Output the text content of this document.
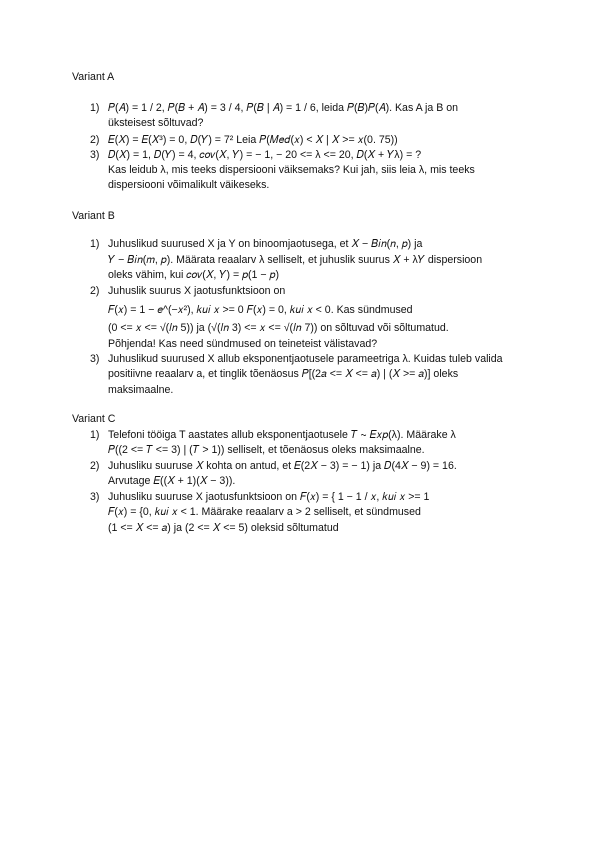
Variant A
1) 𝑃(𝐴) = 1 / 2, 𝑃(𝐵 + 𝐴) = 3 / 4, 𝑃(𝐵 | 𝐴) = 1 / 6, leida 𝑃(𝐵)𝑃(𝐴). Kas A ja B on
üksteisest sõltuvad?
2) 𝐸(𝑋) = 𝐸(𝑋³) = 0, 𝐷(𝑌) = 7² Leia 𝑃(𝑀𝑒𝑑(𝑥) < 𝑋 | 𝑋 >= 𝑥(0. 75))
3) 𝐷(𝑋) = 1, 𝐷(𝑌) = 4, 𝑐𝑜𝑣(𝑋, 𝑌) = − 1, − 20 <= λ <= 20, 𝐷(𝑋 + 𝑌λ) = ?
Kas leidub λ, mis teeks dispersiooni väiksemaks? Kui jah, siis leia λ, mis teeks
dispersiooni võimalikult väikeseks.
Variant B
1) Juhuslikud suurused X ja Y on binoomjaotusega, et 𝑋 − 𝐵𝑖𝑛(𝑛, 𝑝) ja
𝑌 − 𝐵𝑖𝑛(𝑚, 𝑝). Määrata reaalarv λ selliselt, et juhuslik suurus 𝑋 + λ𝑌 dispersioon
oleks vähim, kui 𝑐𝑜𝑣(𝑋, 𝑌) = 𝑝(1 − 𝑝)
2) Juhuslik suurus X jaotusfunktsioon on
𝐹(𝑥) = 1 − 𝑒^(−𝑥²), 𝑘𝑢𝑖 𝑥 >= 0 𝐹(𝑥) = 0, 𝑘𝑢𝑖 𝑥 < 0. Kas sündmused
(0 <= 𝑥 <= √(𝑙𝑛 5)) ja (√(𝑙𝑛 3) <= 𝑥 <= √(𝑙𝑛 7)) on sõltuvad või sõltumatud.
Põhjenda! Kas need sündmused on teineteist välistavad?
3) Juhuslikud suurused X allub eksponentjaotusele parameetriga λ. Kuidas tuleb valida
positiivne reaalarv a, et tinglik tõenäosus 𝑃[(2𝑎 <= 𝑋 <= 𝑎) | (𝑋 >= 𝑎)] oleks
maksimaalne.
Variant C
1) Telefoni tööiga T aastates allub eksponentjaotusele 𝑇 ∼ 𝐸𝑥𝑝(λ). Määrake λ
𝑃((2 <= 𝑇 <= 3) | (𝑇 > 1)) selliselt, et tõenäosus oleks maksimaalne.
2) Juhusliku suuruse 𝑋 kohta on antud, et 𝐸(2𝑋 − 3) = − 1) ja 𝐷(4𝑋 − 9) = 16.
Arvutage 𝐸((𝑋 + 1)(𝑋 − 3)).
3) Juhusliku suuruse X jaotusfunktsioon on 𝐹(𝑥) = { 1 − 1 / 𝑥, 𝑘𝑢𝑖 𝑥 >= 1
𝐹(𝑥) = {0, 𝑘𝑢𝑖 𝑥 < 1. Määrake reaalarv a > 2 selliselt, et sündmused
(1 <= 𝑋 <= 𝑎) ja (2 <= 𝑋 <= 5) oleksid sõltumatud
